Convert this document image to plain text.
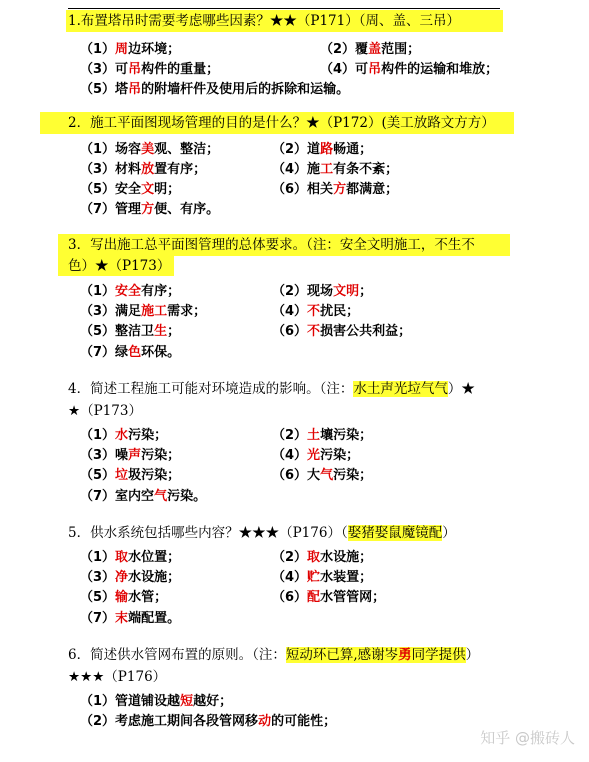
1.布置塔吊时需要考虑哪些因素？★★（P171）（周、盖、三吊）
（1）周边环境；	（2）覆盖范围；
（3）可吊构件的重量；	（4）可吊构件的运输和堆放；
（5）塔吊的附墙杆件及使用后的拆除和运输。
2．施工平面图现场管理的目的是什么？★（P172）(美工放路文方方）
（1）场容美观、整洁；	（2）道路畅通；
（3）材料放置有序；	（4）施工有条不紊；
（5）安全文明；	（6）相关方都满意；
（7）管理方便、有序。
3．写出施工总平面图管理的总体要求。（注：安全文明施工，不生不
色）★（P173）
（1）安全有序；	（2）现场文明；
（3）满足施工需求；	（4）不扰民；
（5）整洁卫生；	（6）不损害公共利益；
（7）绿色环保。
4．简述工程施工可能对环境造成的影响。（注：水土声光垃气气）★
★（P173）
（1）水污染；	（2）土壤污染；
（3）噪声污染；	（4）光污染；
（5）垃圾污染；	（6）大气污染；
（7）室内空气污染。
5．供水系统包括哪些内容？★★★（P176）（娶猪娶鼠魔镜配）
（1）取水位置；	（2）取水设施；
（3）净水设施；	（4）贮水装置；
（5）输水管；	（6）配水管管网；
（7）末端配置。
6．简述供水管网布置的原则。（注：短动环已算,感谢岑勇同学提供）
★★★（P176）
（1）管道铺设越短越好；
（2）考虑施工期间各段管网移动的可能性；
知乎 @搬砖人
